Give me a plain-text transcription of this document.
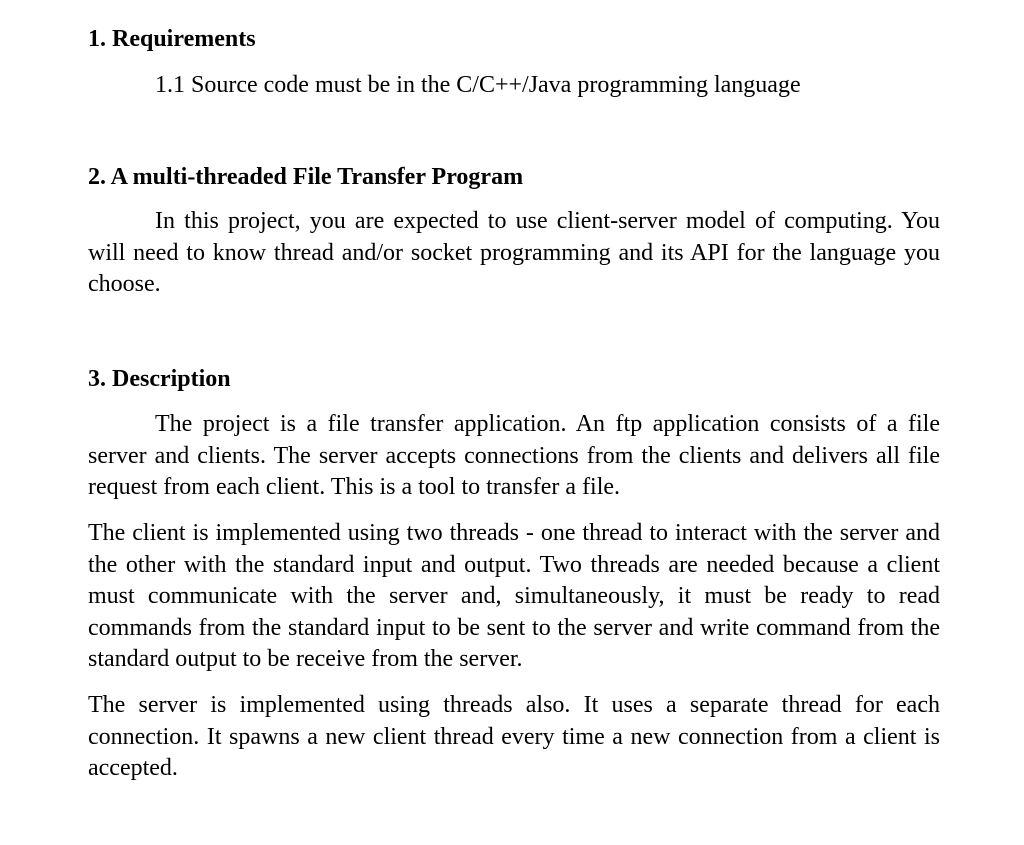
1. Requirements

1.1 Source code must be in the C/C++/Java programming language

2. A multi-threaded File Transfer Program

In this project, you are expected to use client-server model of computing. You will need to know thread and/or socket programming and its API for the language you choose.

3. Description

The project is a file transfer application. An ftp application consists of a file server and clients. The server accepts connections from the clients and delivers all file request from each client. This is a tool to transfer a file.

The client is implemented using two threads - one thread to interact with the server and the other with the standard input and output. Two threads are needed because a client must communicate with the server and, simultaneously, it must be ready to read commands from the standard input to be sent to the server and write command from the standard output to be receive from the server.

The server is implemented using threads also. It uses a separate thread for each connection. It spawns a new client thread every time a new connection from a client is accepted.
